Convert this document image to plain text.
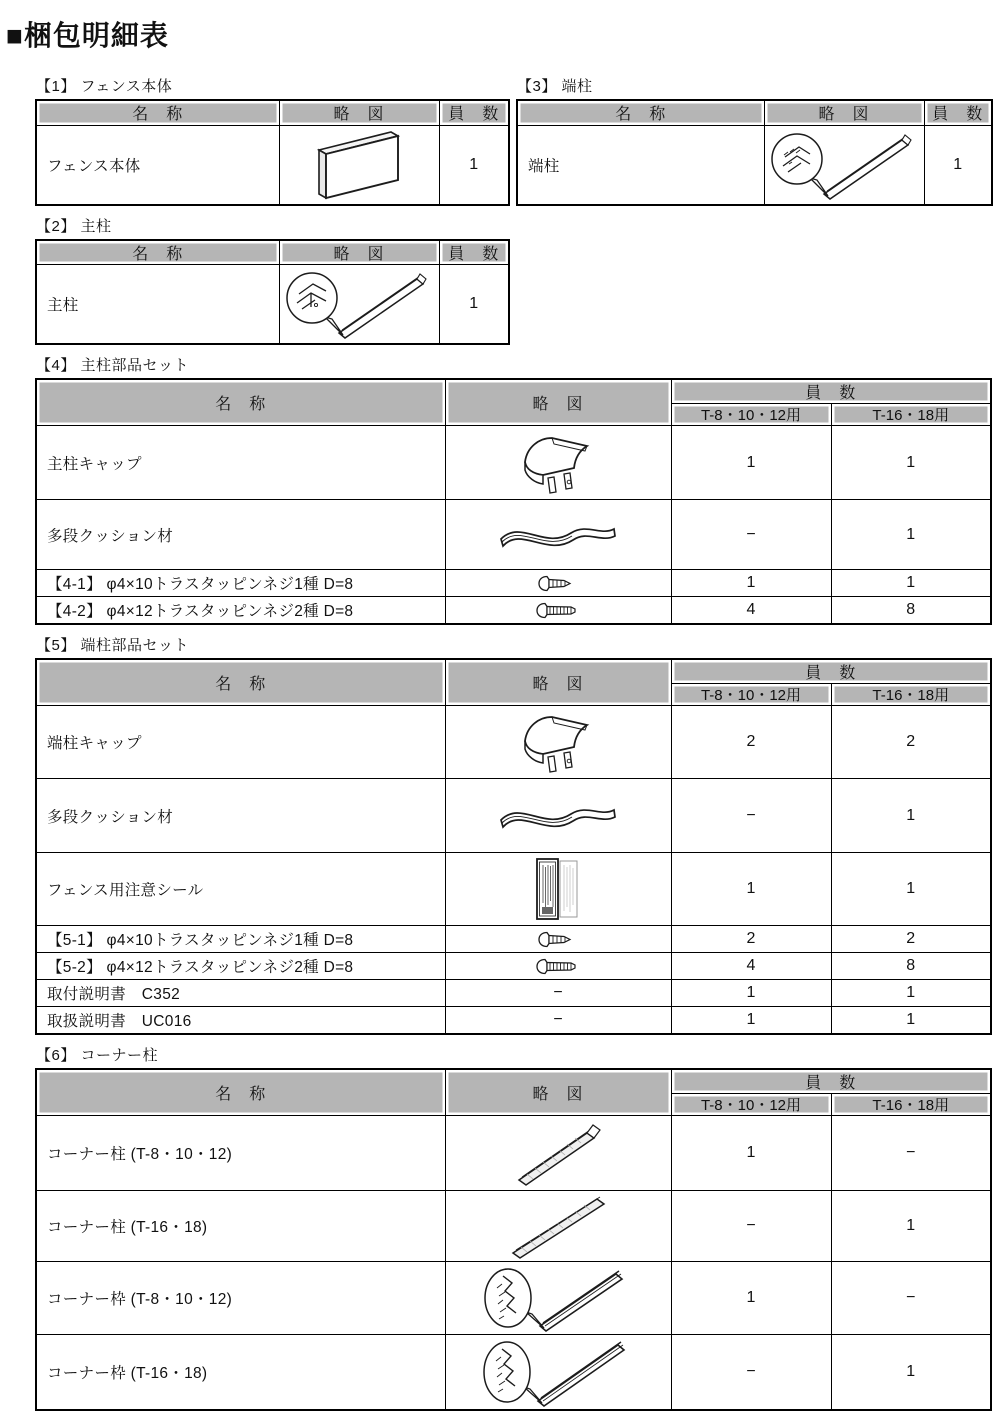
■梱包明細表
【1】 フェンス本体
名　称	略　図	員　数
フェンス本体		1
【3】 端柱
名　称	略　図	員　数
端柱		1
【2】 主柱
名　称	略　図	員　数
主柱		1
【4】 主柱部品セット
名　称	略　図	員　数	
		T-8・10・12用	T-16・18用
主柱キャップ		1	1
多段クッション材		−	1
【4-1】 φ4×10トラスタッピンネジ1種 D=8		1	1
【4-2】 φ4×12トラスタッピンネジ2種 D=8		4	8
【5】 端柱部品セット
名　称	略　図	員　数	
		T-8・10・12用	T-16・18用
端柱キャップ		2	2
多段クッション材		−	1
フェンス用注意シール		1	1
【5-1】 φ4×10トラスタッピンネジ1種 D=8		2	2
【5-2】 φ4×12トラスタッピンネジ2種 D=8		4	8
取付説明書　C352	−	1	1
取扱説明書　UC016	−	1	1
【6】 コーナー柱
名　称	略　図	員　数	
		T-8・10・12用	T-16・18用
コーナー柱 (T-8・10・12)		1	−
コーナー柱 (T-16・18)		−	1
コーナー枠 (T-8・10・12)		1	−
コーナー枠 (T-16・18)		−	1
